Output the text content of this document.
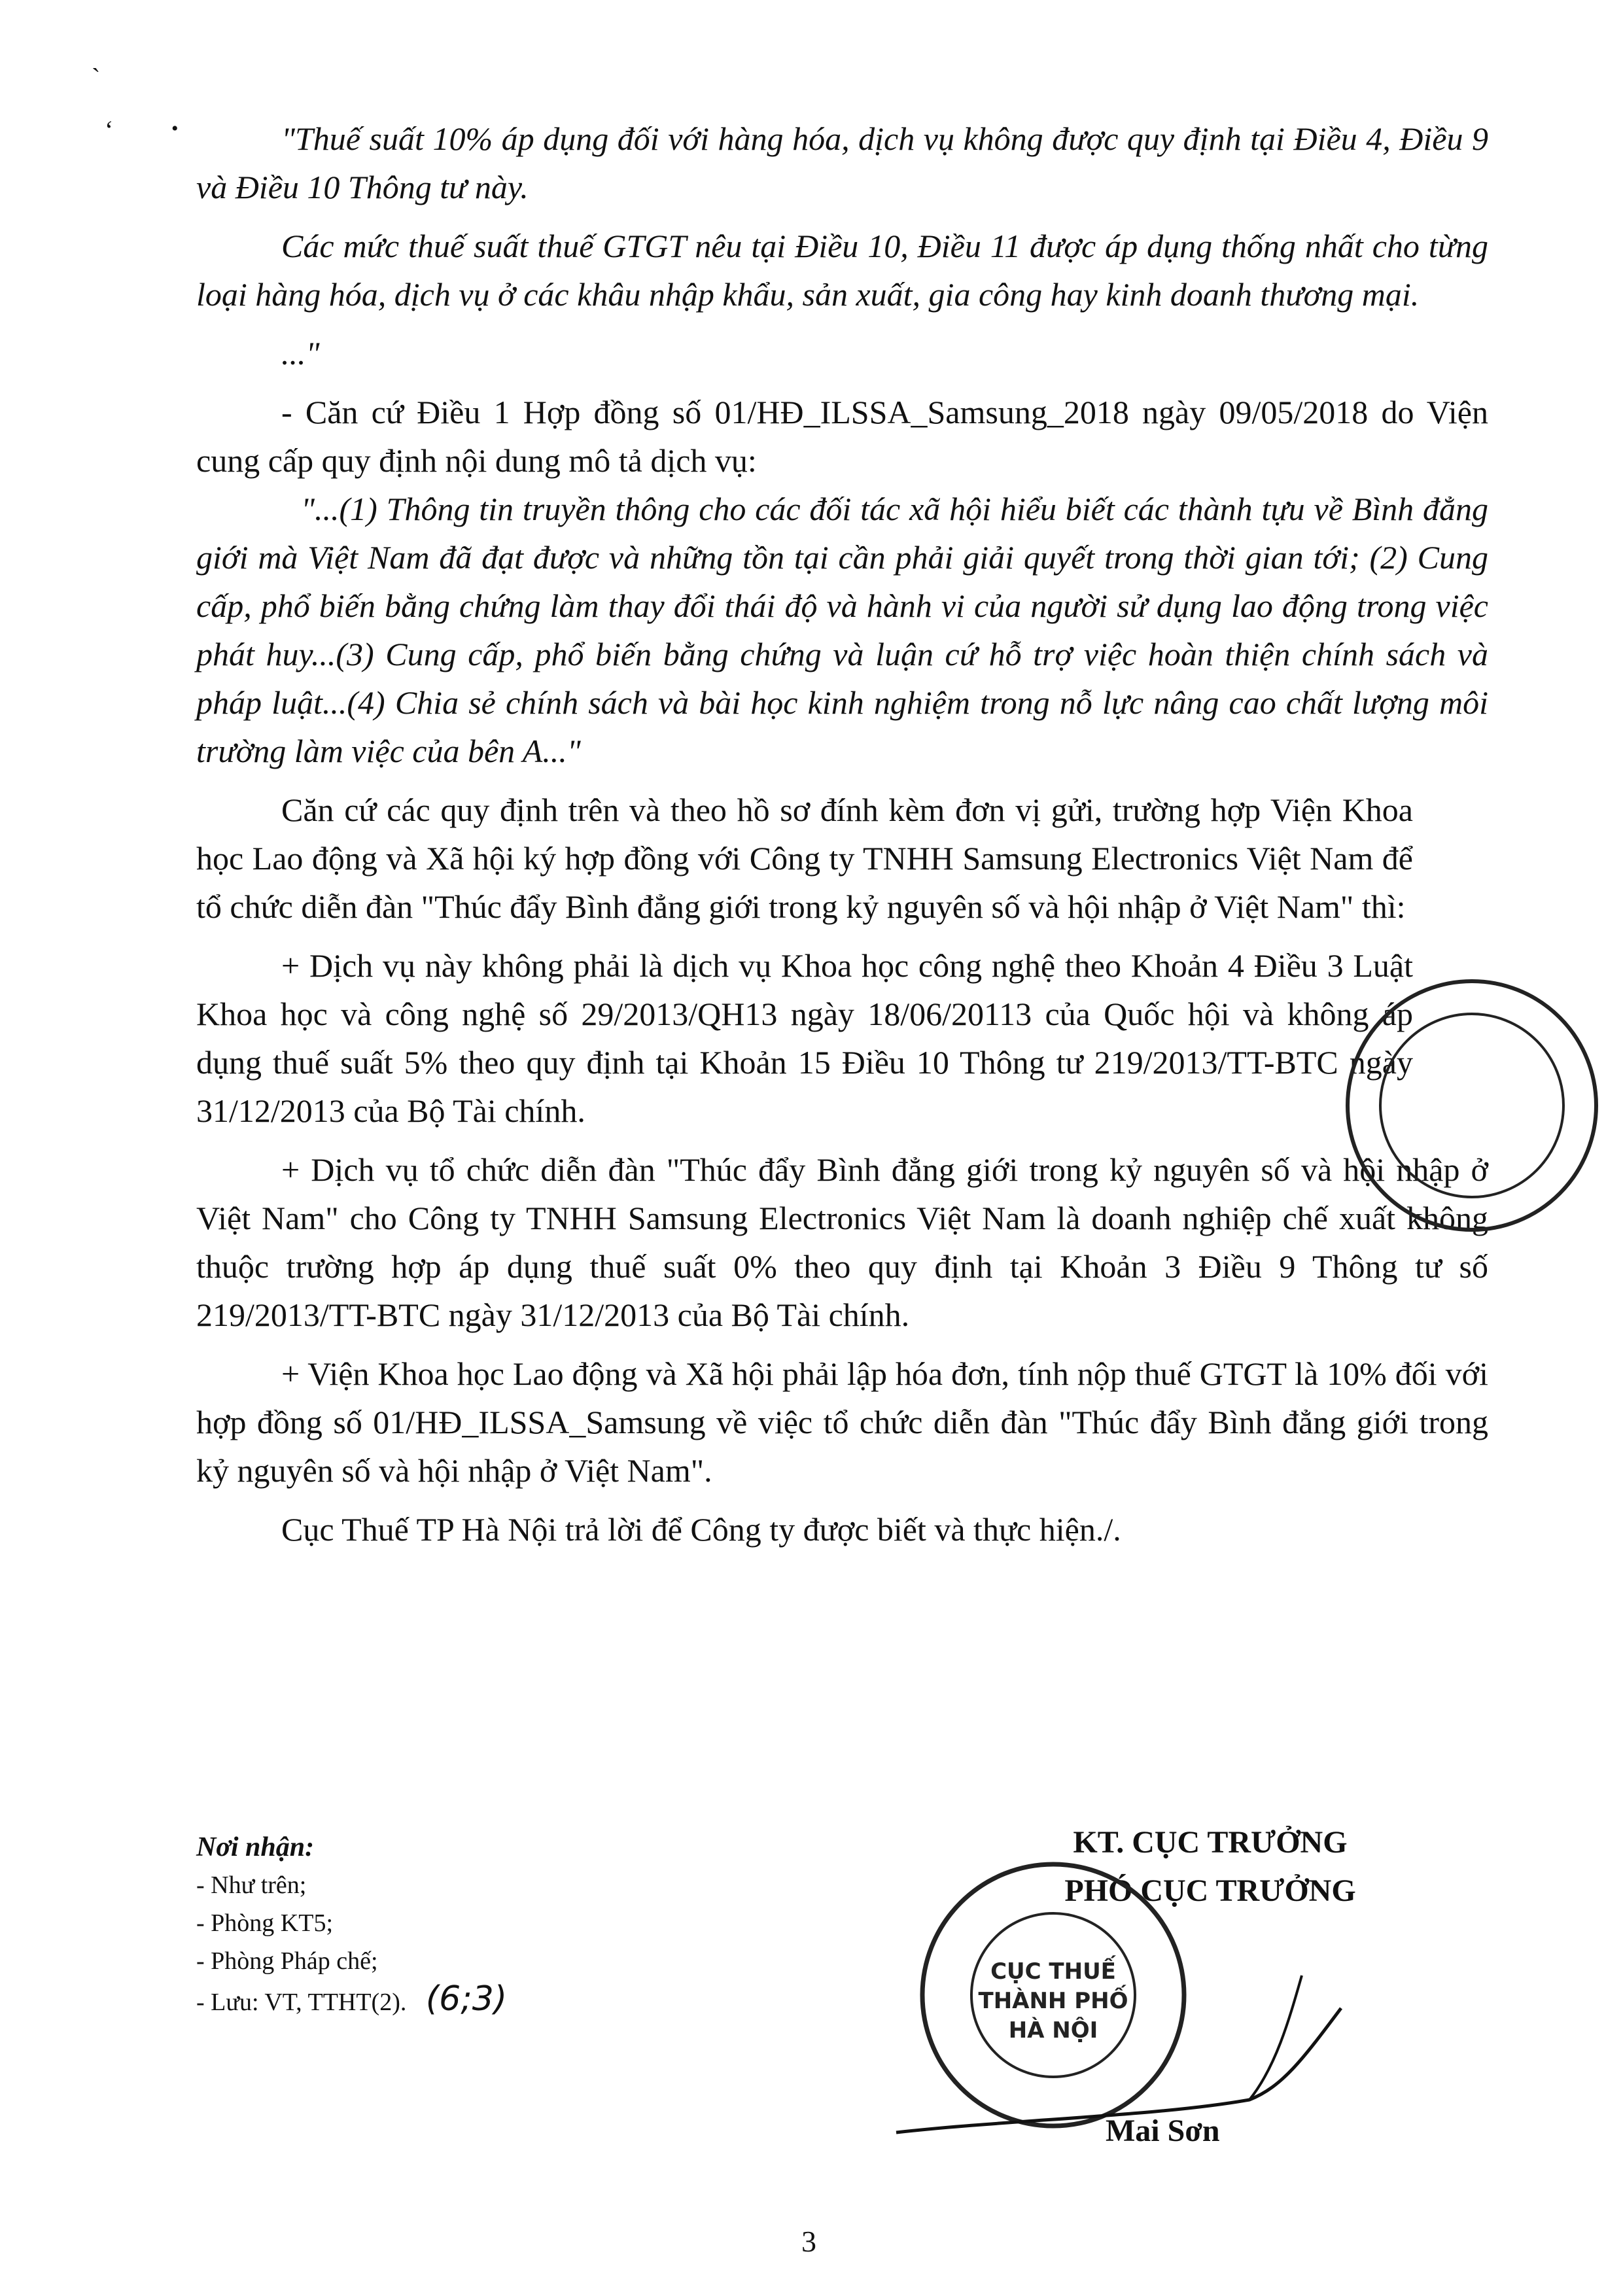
`
‘	•	"Thuế suất 10% áp dụng đối với hàng hóa, dịch vụ không được quy định tại Điều 4, Điều 9 và Điều 10 Thông tư này.

Các mức thuế suất thuế GTGT nêu tại Điều 10, Điều 11 được áp dụng thống nhất cho từng loại hàng hóa, dịch vụ ở các khâu nhập khẩu, sản xuất, gia công hay kinh doanh thương mại.

..."

- Căn cứ Điều 1 Hợp đồng số 01/HĐ_ILSSA_Samsung_2018 ngày 09/05/2018 do Viện cung cấp quy định nội dung mô tả dịch vụ:

"...(1) Thông tin truyền thông cho các đối tác xã hội hiểu biết các thành tựu về Bình đẳng giới mà Việt Nam đã đạt được và những tồn tại cần phải giải quyết trong thời gian tới; (2) Cung cấp, phổ biến bằng chứng làm thay đổi thái độ và hành vi của người sử dụng lao động trong việc phát huy...(3) Cung cấp, phổ biến bằng chứng và luận cứ hỗ trợ việc hoàn thiện chính sách và pháp luật...(4) Chia sẻ chính sách và bài học kinh nghiệm trong nỗ lực nâng cao chất lượng môi trường làm việc của bên A..."

Căn cứ các quy định trên và theo hồ sơ đính kèm đơn vị gửi, trường hợp Viện Khoa học Lao động và Xã hội ký hợp đồng với Công ty TNHH Samsung Electronics Việt Nam để tổ chức diễn đàn "Thúc đẩy Bình đẳng giới trong kỷ nguyên số và hội nhập ở Việt Nam" thì:

+ Dịch vụ này không phải là dịch vụ Khoa học công nghệ theo Khoản 4 Điều 3 Luật Khoa học và công nghệ số 29/2013/QH13 ngày 18/06/20113 của Quốc hội và không áp dụng thuế suất 5% theo quy định tại Khoản 15 Điều 10 Thông tư 219/2013/TT-BTC ngày 31/12/2013 của Bộ Tài chính.

+ Dịch vụ tổ chức diễn đàn "Thúc đẩy Bình đẳng giới trong kỷ nguyên số và hội nhập ở Việt Nam" cho Công ty TNHH Samsung Electronics Việt Nam là doanh nghiệp chế xuất không thuộc trường hợp áp dụng thuế suất 0% theo quy định tại Khoản 3 Điều 9 Thông tư số 219/2013/TT-BTC ngày 31/12/2013 của Bộ Tài chính.

+ Viện Khoa học Lao động và Xã hội phải lập hóa đơn, tính nộp thuế GTGT là 10% đối với hợp đồng số 01/HĐ_ILSSA_Samsung về việc tổ chức diễn đàn "Thúc đẩy Bình đẳng giới trong kỷ nguyên số và hội nhập ở Việt Nam".

Cục Thuế TP Hà Nội trả lời để Công ty được biết và thực hiện./.

Nơi nhận:
- Như trên;
- Phòng KT5;
- Phòng Pháp chế;
- Lưu: VT, TTHT(2). (6;3)
KT. CỤC TRƯỞNG
PHÓ CỤC TRƯỞNG
CỤC THUẾ
THÀNH PHỐ
HÀ NỘI
Mai Sơn
3
